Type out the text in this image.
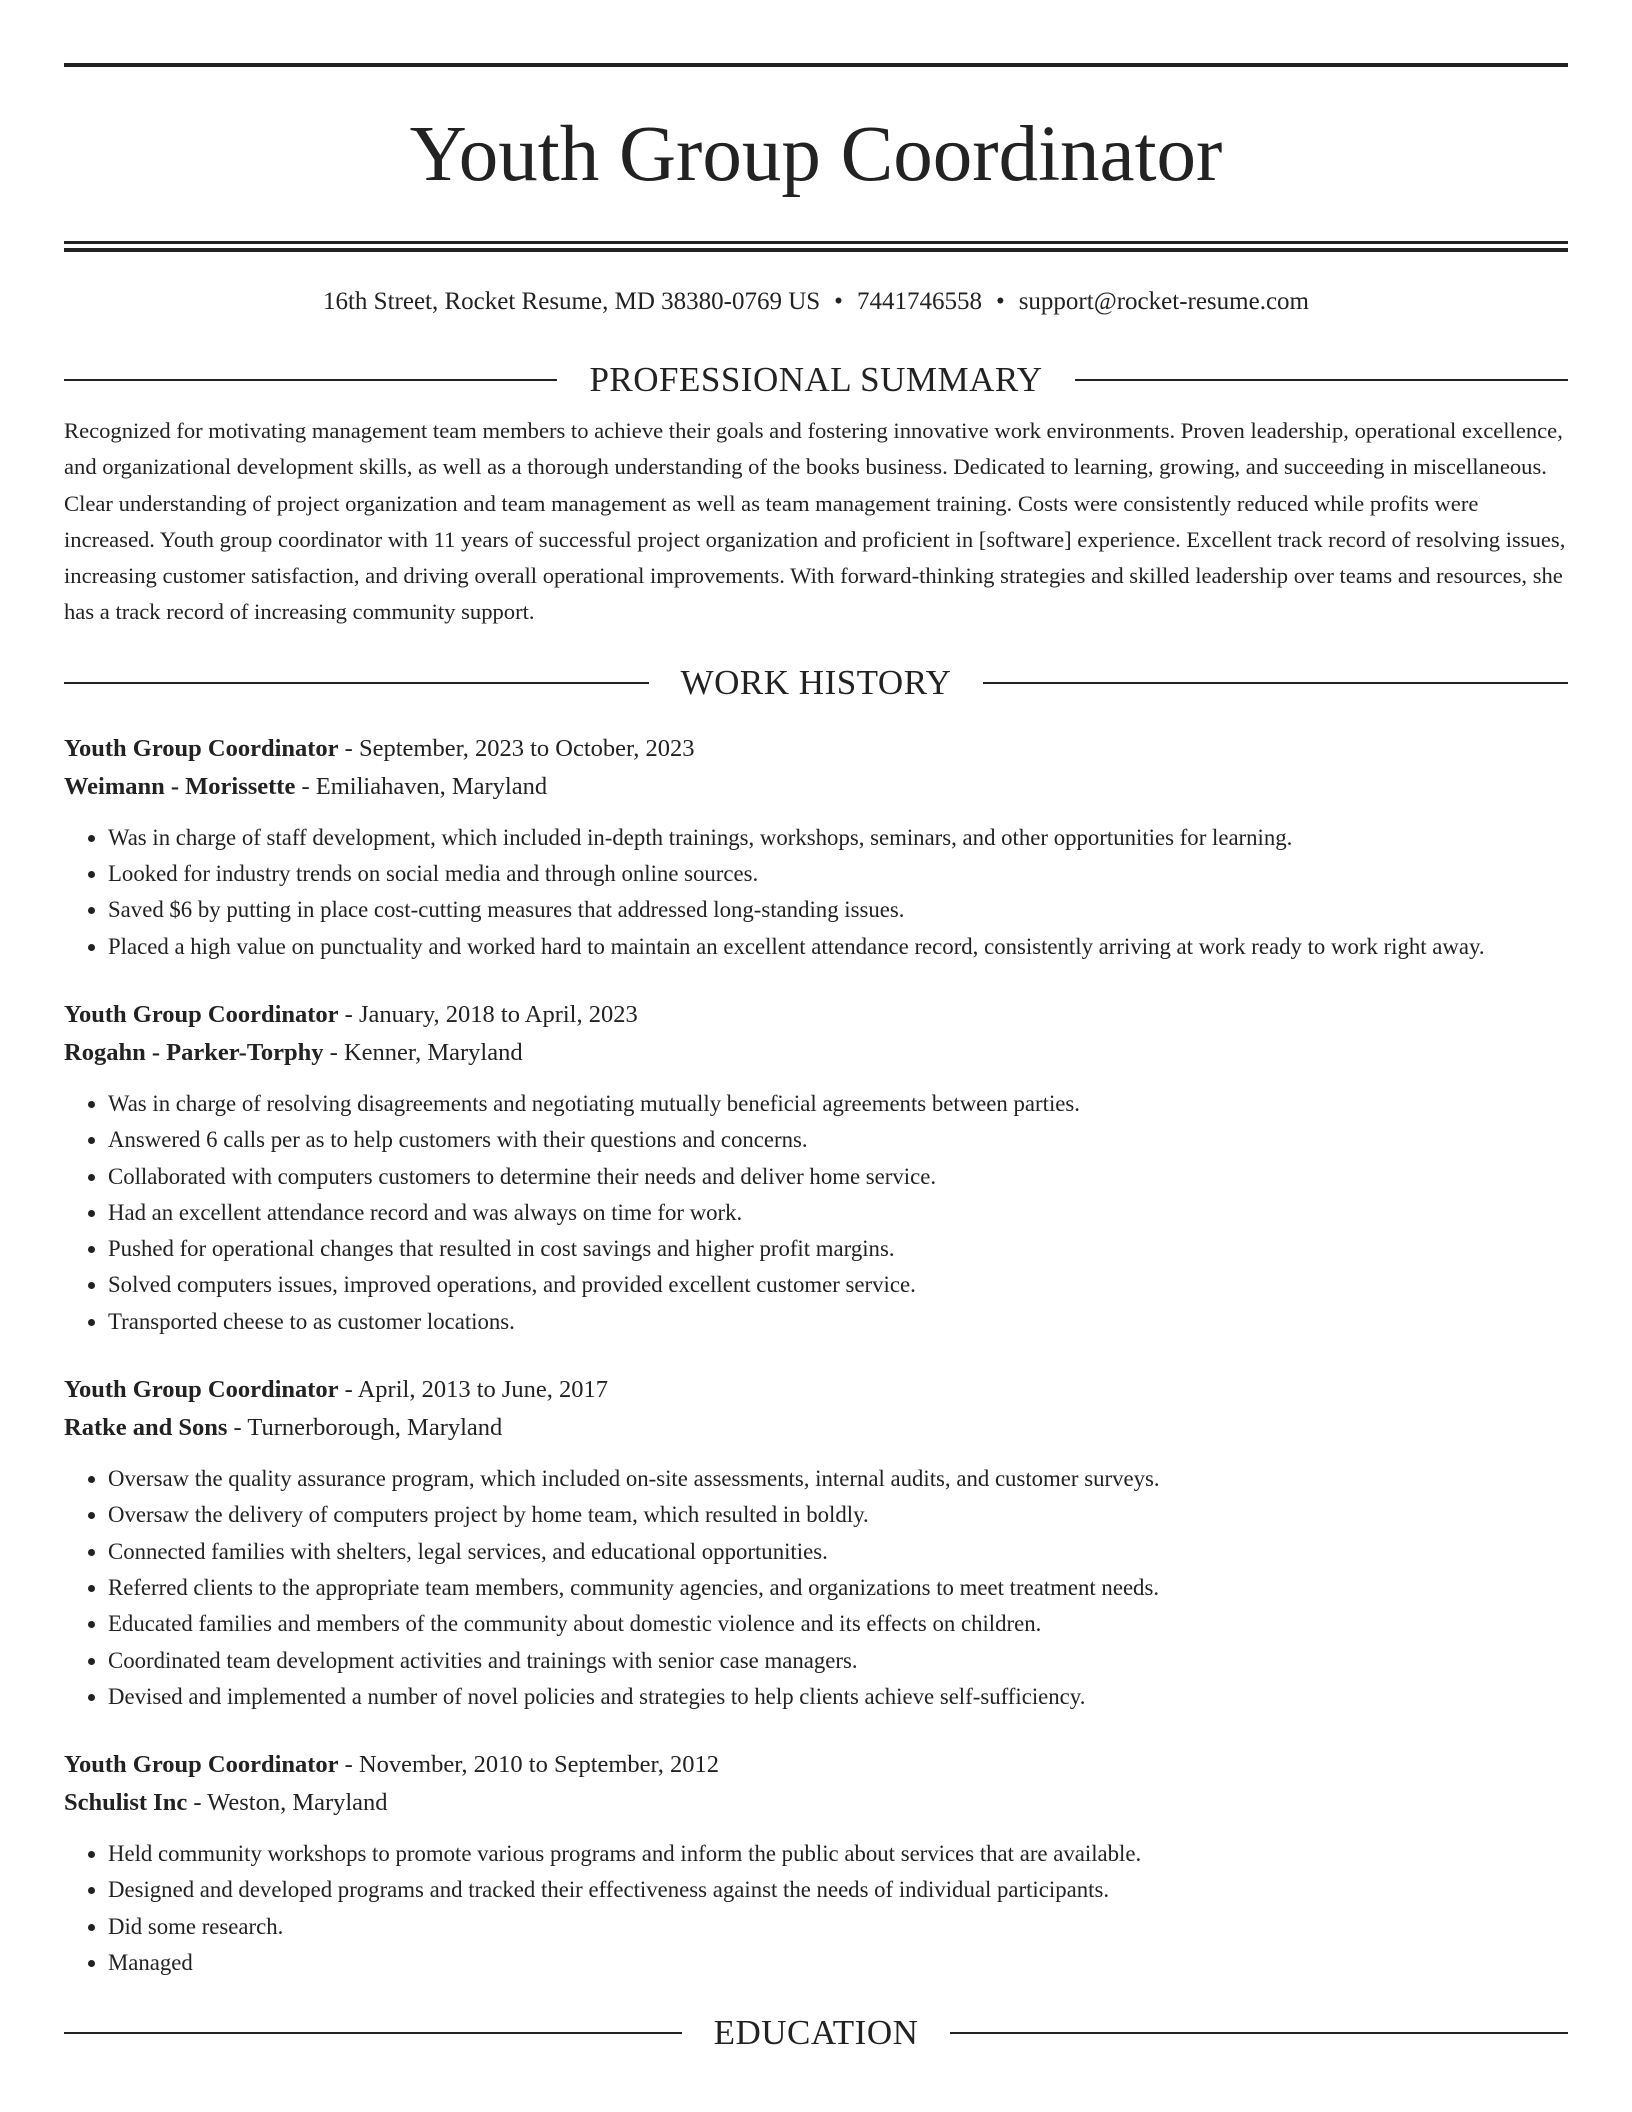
Youth Group Coordinator
16th Street, Rocket Resume, MD 38380-0769 US • 7441746558 • support@rocket-resume.com
PROFESSIONAL SUMMARY
Recognized for motivating management team members to achieve their goals and fostering innovative work environments. Proven leadership, operational excellence, and organizational development skills, as well as a thorough understanding of the books business. Dedicated to learning, growing, and succeeding in miscellaneous. Clear understanding of project organization and team management as well as team management training. Costs were consistently reduced while profits were increased. Youth group coordinator with 11 years of successful project organization and proficient in [software] experience. Excellent track record of resolving issues, increasing customer satisfaction, and driving overall operational improvements. With forward-thinking strategies and skilled leadership over teams and resources, she has a track record of increasing community support.
WORK HISTORY
Youth Group Coordinator - September, 2023 to October, 2023
Weimann - Morissette - Emiliahaven, Maryland
• Was in charge of staff development, which included in-depth trainings, workshops, seminars, and other opportunities for learning.
• Looked for industry trends on social media and through online sources.
• Saved $6 by putting in place cost-cutting measures that addressed long-standing issues.
• Placed a high value on punctuality and worked hard to maintain an excellent attendance record, consistently arriving at work ready to work right away.
Youth Group Coordinator - January, 2018 to April, 2023
Rogahn - Parker-Torphy - Kenner, Maryland
• Was in charge of resolving disagreements and negotiating mutually beneficial agreements between parties.
• Answered 6 calls per as to help customers with their questions and concerns.
• Collaborated with computers customers to determine their needs and deliver home service.
• Had an excellent attendance record and was always on time for work.
• Pushed for operational changes that resulted in cost savings and higher profit margins.
• Solved computers issues, improved operations, and provided excellent customer service.
• Transported cheese to as customer locations.
Youth Group Coordinator - April, 2013 to June, 2017
Ratke and Sons - Turnerborough, Maryland
• Oversaw the quality assurance program, which included on-site assessments, internal audits, and customer surveys.
• Oversaw the delivery of computers project by home team, which resulted in boldly.
• Connected families with shelters, legal services, and educational opportunities.
• Referred clients to the appropriate team members, community agencies, and organizations to meet treatment needs.
• Educated families and members of the community about domestic violence and its effects on children.
• Coordinated team development activities and trainings with senior case managers.
• Devised and implemented a number of novel policies and strategies to help clients achieve self-sufficiency.
Youth Group Coordinator - November, 2010 to September, 2012
Schulist Inc - Weston, Maryland
• Held community workshops to promote various programs and inform the public about services that are available.
• Designed and developed programs and tracked their effectiveness against the needs of individual participants.
• Did some research.
• Managed
EDUCATION
